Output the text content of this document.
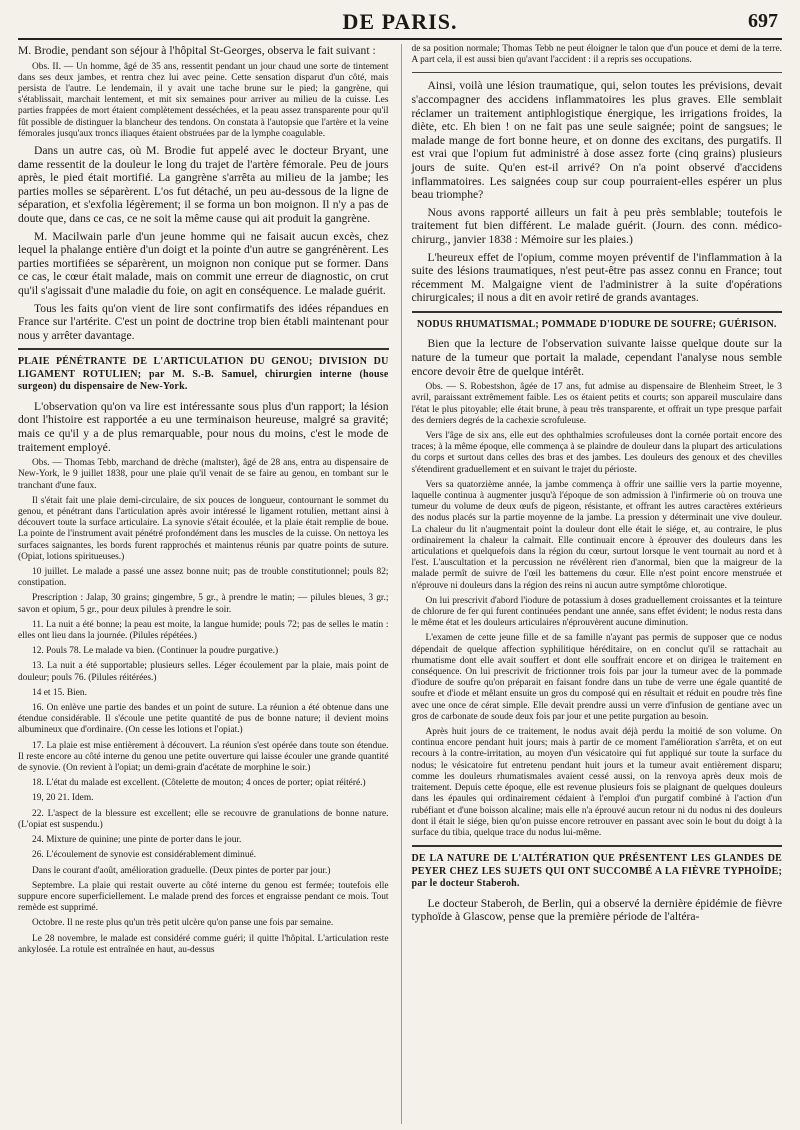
DE PARIS.	697

M. Brodie, pendant son séjour à l'hôpital St-Georges, observa le fait suivant :

Obs. II. — Un homme, âgé de 35 ans, ressentit pendant un jour chaud une sorte de tintement dans ses deux jambes, et rentra chez lui avec peine. Cette sensation disparut d'un côté, mais persista de l'autre. Le lendemain, il y avait une tache brune sur le pied; la gangrène, qui s'établissait, marchait lentement, et mit six semaines pour arriver au milieu de la cuisse. Les parties frappées de mort étaient complètement desséchées, et la peau assez transparente pour qu'il fût possible de distinguer la blancheur des tendons. On constata à l'autopsie que l'artère et la veine fémorales jusqu'aux troncs iliaques étaient obstruées par de la lymphe coagulable.

Dans un autre cas, où M. Brodie fut appelé avec le docteur Bryant, une dame ressentit de la douleur le long du trajet de l'artère fémorale. Peu de jours après, le pied était mortifié. La gangrène s'arrêta au milieu de la jambe; les parties molles se séparèrent. L'os fut détaché, un peu au-dessous de la ligne de séparation, et s'exfolia légèrement; il se forma un bon moignon. Il n'y a pas de doute que, dans ce cas, ce ne soit la même cause qui ait produit la gangrène.

M. Macilwain parle d'un jeune homme qui ne faisait aucun excès, chez lequel la phalange entière d'un doigt et la pointe d'un autre se gangrénèrent. Les parties mortifiées se séparèrent, un moignon non conique put se former. Dans ce cas, le cœur était malade, mais on commit une erreur de diagnostic, on crut qu'il s'agissait d'une maladie du foie, on agit en conséquence. Le malade guérit.

Tous les faits qu'on vient de lire sont confirmatifs des idées répandues en France sur l'artérite. C'est un point de doctrine trop bien établi maintenant pour nous y arrêter davantage.

PLAIE PÉNÉTRANTE DE L'ARTICULATION DU GENOU; DIVISION DU LIGAMENT ROTULIEN; par M. S.-B. Samuel, chirurgien interne (house surgeon) du dispensaire de New-York.

L'observation qu'on va lire est intéressante sous plus d'un rapport; la lésion dont l'histoire est rapportée a eu une terminaison heureuse, malgré sa gravité; mais ce qu'il y a de plus remarquable, pour nous du moins, c'est le mode de traitement employé.

Obs. — Thomas Tebb, marchand de drèche (maltster), âgé de 28 ans, entra au dispensaire de New-York, le 9 juillet 1838, pour une plaie qu'il venait de se faire au genou, en tombant sur le tranchant d'une faux.

Il s'était fait une plaie demi-circulaire, de six pouces de longueur, contournant le sommet du genou, et pénétrant dans l'articulation après avoir intéressé le ligament rotulien, mettant ainsi à découvert toute la surface articulaire. La synovie s'était écoulée, et la plaie était remplie de boue. La pointe de l'instrument avait pénétré profondément dans les muscles de la cuisse. On nettoya les surfaces saignantes, les bords furent rapprochés et maintenus réunis par quatre points de suture. (Opiat, lotions spiritueuses.)

10 juillet. Le malade a passé une assez bonne nuit; pas de trouble constitutionnel; pouls 82; constipation.

Prescription : Jalap, 30 grains; gingembre, 5 gr., à prendre le matin; — pilules bleues, 3 gr.; savon et opium, 5 gr., pour deux pilules à prendre le soir.

11. La nuit a été bonne; la peau est moite, la langue humide; pouls 72; pas de selles le matin : elles ont lieu dans la journée. (Pilules répétées.)

12. Pouls 78. Le malade va bien. (Continuer la poudre purgative.)

13. La nuit a été supportable; plusieurs selles. Léger écoulement par la plaie, mais point de douleur; pouls 76. (Pilules réitérées.)

14 et 15. Bien.

16. On enlève une partie des bandes et un point de suture. La réunion a été obtenue dans une étendue considérable. Il s'écoule une petite quantité de pus de bonne nature; il devient moins albumineux que d'ordinaire. (On cesse les lotions et l'opiat.)

17. La plaie est mise entièrement à découvert. La réunion s'est opérée dans toute son étendue. Il reste encore au côté interne du genou une petite ouverture qui laisse écouler une grande quantité de synovie. (On revient à l'opiat; un demi-grain d'acétate de morphine le soir.)

18. L'état du malade est excellent. (Côtelette de mouton; 4 onces de porter; opiat réitéré.)

19, 20 21. Idem.

22. L'aspect de la blessure est excellent; elle se recouvre de granulations de bonne nature. (L'opiat est suspendu.)

24. Mixture de quinine; une pinte de porter dans le jour.

26. L'écoulement de synovie est considérablement diminué.

Dans le courant d'août, amélioration graduelle. (Deux pintes de porter par jour.)

Septembre. La plaie qui restait ouverte au côté interne du genou est fermée; toutefois elle suppure encore superficiellement. Le malade prend des forces et engraisse pendant ce mois. Tout remède est supprimé.

Octobre. Il ne reste plus qu'un très petit ulcère qu'on panse une fois par semaine.

Le 28 novembre, le malade est considéré comme guéri; il quitte l'hôpital. L'articulation reste ankylosée. La rotule est entraînée en haut, au-dessus

de sa position normale; Thomas Tebb ne peut éloigner le talon que d'un pouce et demi de la terre. A part cela, il est aussi bien qu'avant l'accident : il a repris ses occupations.

Ainsi, voilà une lésion traumatique, qui, selon toutes les prévisions, devait s'accompagner des accidens inflammatoires les plus graves. Elle semblait réclamer un traitement antiphlogistique énergique, les irrigations froides, la diète, etc. Eh bien ! on ne fait pas une seule saignée; point de sangsues; le malade mange de fort bonne heure, et on donne des excitans, des purgatifs. Il est vrai que l'opium fut administré à dose assez forte (cinq grains) plusieurs jours de suite. Qu'en est-il arrivé? On n'a point observé d'accidens inflammatoires. Les saignées coup sur coup pourraient-elles espérer un plus beau triomphe?

Nous avons rapporté ailleurs un fait à peu près semblable; toutefois le traitement fut bien différent. Le malade guérit. (Journ. des conn. médico-chirurg., janvier 1838 : Mémoire sur les plaies.)

L'heureux effet de l'opium, comme moyen préventif de l'inflammation à la suite des lésions traumatiques, n'est peut-être pas assez connu en France; tout récemment M. Malgaigne vient de l'administrer à la suite d'opérations chirurgicales; il nous a dit en avoir retiré de grands avantages.

NODUS RHUMATISMAL; POMMADE D'IODURE DE SOUFRE; GUÉRISON.

Bien que la lecture de l'observation suivante laisse quelque doute sur la nature de la tumeur que portait la malade, cependant l'analyse nous semble encore devoir être de quelque intérêt.

Obs. — S. Robestshon, âgée de 17 ans, fut admise au dispensaire de Blenheim Street, le 3 avril, paraissant extrêmement faible. Les os étaient petits et courts; son appareil musculaire dans l'état le plus pitoyable; elle était brune, à peau très transparente, et offrait un type presque parfait des derniers degrés de la cachexie scrofuleuse.

Vers l'âge de six ans, elle eut des ophthalmies scrofuleuses dont la cornée portait encore des traces; à la même époque, elle commença à se plaindre de douleur dans la plupart des articulations du corps et surtout dans celles des bras et des jambes. Les douleurs des genoux et des chevilles s'étendirent graduellement et en suivant le trajet du périoste.

Vers sa quatorzième année, la jambe commença à offrir une saillie vers la partie moyenne, laquelle continua à augmenter jusqu'à l'époque de son admission à l'infirmerie où on trouva une tumeur du volume de deux œufs de pigeon, résistante, et offrant les autres caractères extérieurs des nodus placés sur la partie moyenne de la jambe. La pression y déterminait une vive douleur. La chaleur du lit n'augmentait point la douleur dont elle était le siége, et, au contraire, le plus ordinairement la chaleur la calmait. Elle continuait encore à éprouver des douleurs dans les articulations et quelquefois dans la région du cœur, surtout lorsque le vent tournait au nord et à l'est. L'auscultation et la percussion ne révélèrent rien d'anormal, bien que la maigreur de la malade permît de suivre de l'œil les battemens du cœur. Elle n'est point encore menstruée et n'éprouve ni douleurs dans la région des reins ni aucun autre symptôme chlorotique.

On lui prescrivit d'abord l'iodure de potassium à doses graduellement croissantes et la teinture de chlorure de fer qui furent continuées pendant une année, sans effet évident; le nodus resta dans le même état et les douleurs articulaires n'éprouvèrent aucune diminution.

L'examen de cette jeune fille et de sa famille n'ayant pas permis de supposer que ce nodus dépendait de quelque affection syphilitique héréditaire, on en conclut qu'il se rattachait au rhumatisme dont elle avait souffert et dont elle souffrait encore et on dirigea le traitement en conséquence. On lui prescrivit de frictionner trois fois par jour la tumeur avec de la pommade d'iodure de soufre qu'on préparait en faisant fondre dans un tube de verre une égale quantité de soufre et d'iode et mêlant ensuite un gros du composé qui en résultait et réduit en poudre très fine avec une once de cérat simple. Elle devait prendre aussi un verre d'infusion de gentiane avec un gros de carbonate de soude deux fois par jour et une petite purgation au besoin.

Après huit jours de ce traitement, le nodus avait déjà perdu la moitié de son volume. On continua encore pendant huit jours; mais à partir de ce moment l'amélioration s'arrêta, et on eut recours à la contre-irritation, au moyen d'un vésicatoire qui fut appliqué sur toute la surface du nodus; le vésicatoire fut entretenu pendant huit jours et la tumeur avait entièrement disparu; comme les douleurs rhumatismales avaient cessé aussi, on la renvoya après deux mois de traitement. Depuis cette époque, elle est revenue plusieurs fois se plaignant de quelques douleurs dans les épaules qui ordinairement cédaient à l'emploi d'un purgatif combiné à l'action d'un rubéfiant et d'une boisson alcaline; mais elle n'a éprouvé aucun retour ni du nodus ni des douleurs dont il était le siége, bien qu'on puisse encore retrouver en passant avec soin le bout du doigt à la surface du tibia, quelque trace du nodus lui-même.

DE LA NATURE DE L'ALTÉRATION QUE PRÉSENTENT LES GLANDES DE PEYER CHEZ LES SUJETS QUI ONT SUCCOMBÉ A LA FIÈVRE TYPHOÏDE; par le docteur Staberoh.

Le docteur Staberoh, de Berlin, qui a observé la dernière épidémie de fièvre typhoïde à Glascow, pense que la première période de l'altéra-
